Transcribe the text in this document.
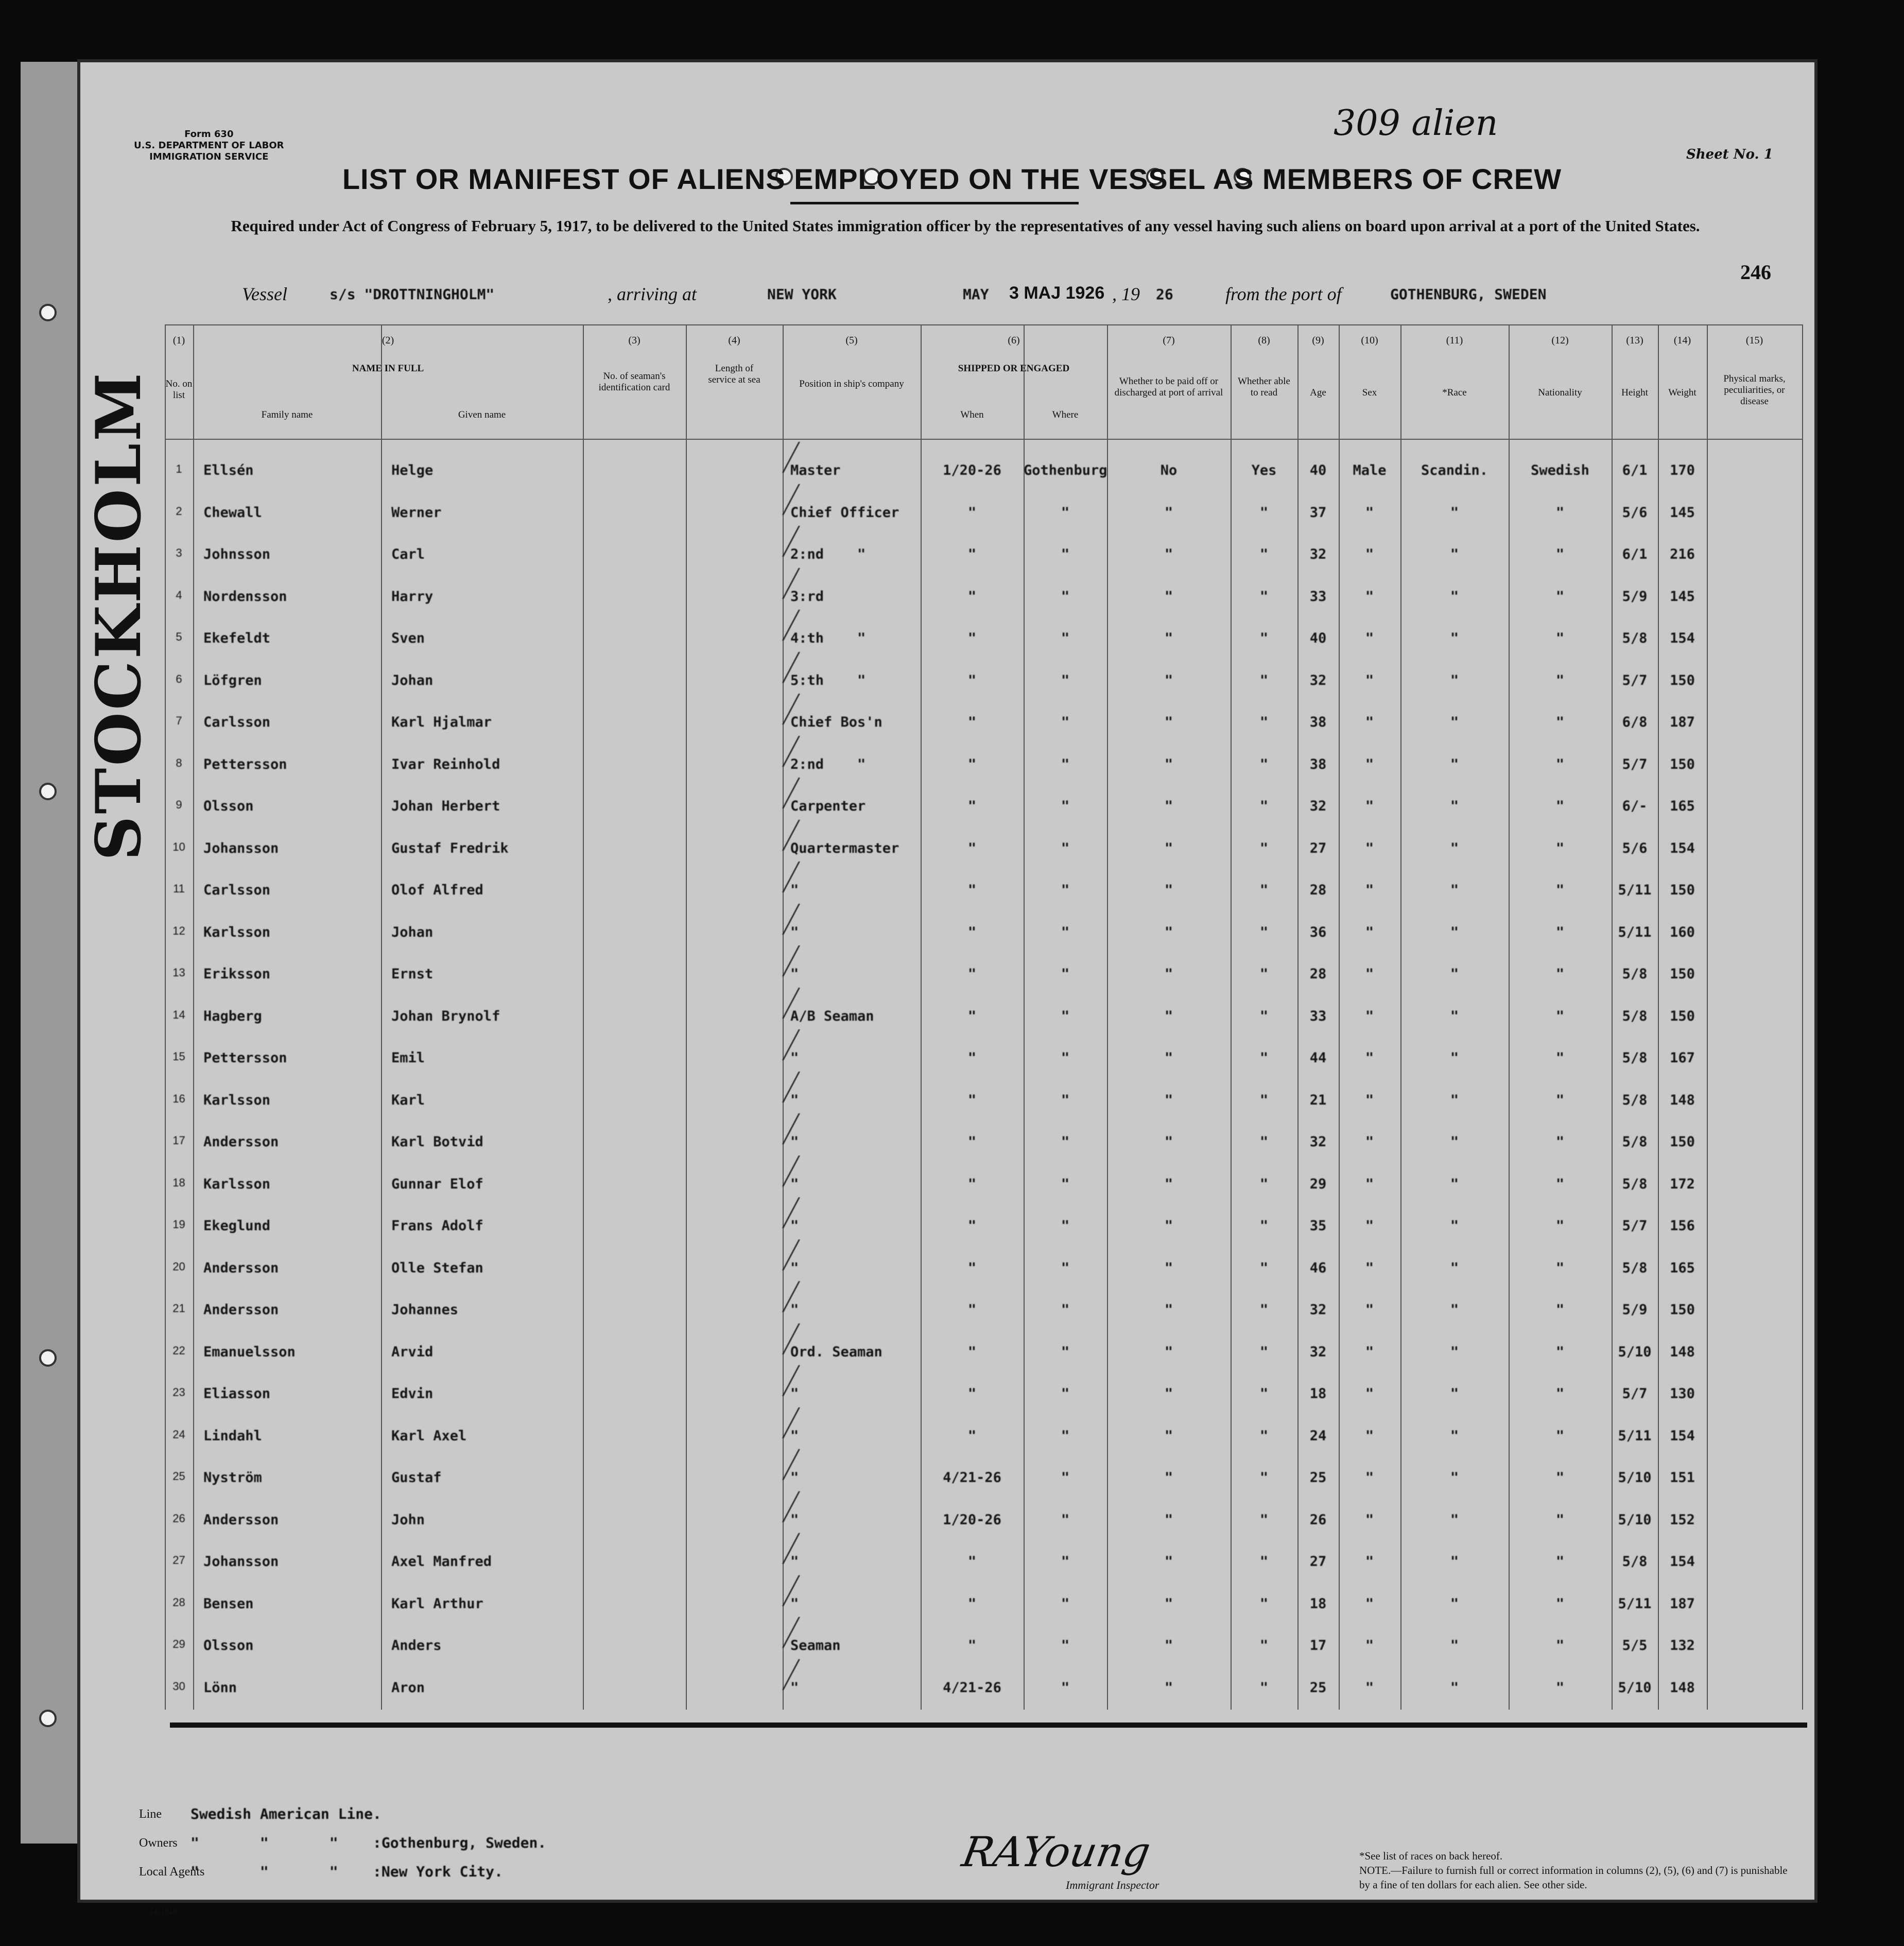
STOCKHOLM
Form 630
U.S. DEPARTMENT OF LABOR
IMMIGRATION SERVICE
309 alien
Sheet No. 1
LIST OR MANIFEST OF ALIENS EMPLOYED ON THE VESSEL AS MEMBERS OF CREW
Required under Act of Congress of February 5, 1917, to be delivered to the United States immigration officer by the representatives of any vessel having such aliens on board upon arrival at a port of the United States.
246
Vessel	s/s "DROTTNINGHOLM"	, arriving at	NEW YORK	MAY 3 MAJ 1926 , 19 26	from the port of	GOTHENBURG, SWEDEN
(1)
No. on list
(2)
NAME IN FULL
Family name	Given name
(3)
No. of seaman's identification card
(4)
Length of service at sea
(5)
Position in ship's company
(6)
SHIPPED OR ENGAGED
When	Where
(7)
Whether to be paid off or discharged at port of arrival
(8)
Whether able to read
(9)
Age
(10)
Sex
(11)
*Race
(12)
Nationality
(13)
Height
(14)
Weight
(15)
Physical marks, peculiarities, or disease
1	Ellsén	Helge	Master	1/20-26	Gothenburg	No	Yes	40	Male	Scandin.	Swedish	6/1	170
2	Chewall	Werner	Chief Officer	"	"	"	"	37	"	"	"	5/6	145
3	Johnsson	Carl	2:nd    "	"	"	"	"	32	"	"	"	6/1	216
4	Nordensson	Harry	3:rd	"	"	"	"	33	"	"	"	5/9	145
5	Ekefeldt	Sven	4:th    "	"	"	"	"	40	"	"	"	5/8	154
6	Löfgren	Johan	5:th    "	"	"	"	"	32	"	"	"	5/7	150
7	Carlsson	Karl Hjalmar	Chief Bos'n	"	"	"	"	38	"	"	"	6/8	187
8	Pettersson	Ivar Reinhold	2:nd    "	"	"	"	"	38	"	"	"	5/7	150
9	Olsson	Johan Herbert	Carpenter	"	"	"	"	32	"	"	"	6/-	165
10	Johansson	Gustaf Fredrik	Quartermaster	"	"	"	"	27	"	"	"	5/6	154
11	Carlsson	Olof Alfred	"	"	"	"	"	28	"	"	"	5/11	150
12	Karlsson	Johan	"	"	"	"	"	36	"	"	"	5/11	160
13	Eriksson	Ernst	"	"	"	"	"	28	"	"	"	5/8	150
14	Hagberg	Johan Brynolf	A/B Seaman	"	"	"	"	33	"	"	"	5/8	150
15	Pettersson	Emil	"	"	"	"	"	44	"	"	"	5/8	167
16	Karlsson	Karl	"	"	"	"	"	21	"	"	"	5/8	148
17	Andersson	Karl Botvid	"	"	"	"	"	32	"	"	"	5/8	150
18	Karlsson	Gunnar Elof	"	"	"	"	"	29	"	"	"	5/8	172
19	Ekeglund	Frans Adolf	"	"	"	"	"	35	"	"	"	5/7	156
20	Andersson	Olle Stefan	"	"	"	"	"	46	"	"	"	5/8	165
21	Andersson	Johannes	"	"	"	"	"	32	"	"	"	5/9	150
22	Emanuelsson	Arvid	Ord. Seaman	"	"	"	"	32	"	"	"	5/10	148
23	Eliasson	Edvin	"	"	"	"	"	18	"	"	"	5/7	130
24	Lindahl	Karl Axel	"	"	"	"	"	24	"	"	"	5/11	154
25	Nyström	Gustaf	"	4/21-26	"	"	"	25	"	"	"	5/10	151
26	Andersson	John	"	1/20-26	"	"	"	26	"	"	"	5/10	152
27	Johansson	Axel Manfred	"	"	"	"	"	27	"	"	"	5/8	154
28	Bensen	Karl Arthur	"	"	"	"	"	18	"	"	"	5/11	187
29	Olsson	Anders	Seaman	"	"	"	"	17	"	"	"	5/5	132
30	Lönn	Aron	"	4/21-26	"	"	"	25	"	"	"	5/10	148
Line
Owners
Local Agents
Swedish American Line.
"       "       "    :Gothenburg, Sweden.
"       "       "    :New York City.	RAYoung
Immigrant Inspector
*See list of races on back hereof.
NOTE.—Failure to furnish full or correct information in columns (2), (5), (6) and (7) is punishable by a fine of ten dollars for each alien. See other side.
14-1940
